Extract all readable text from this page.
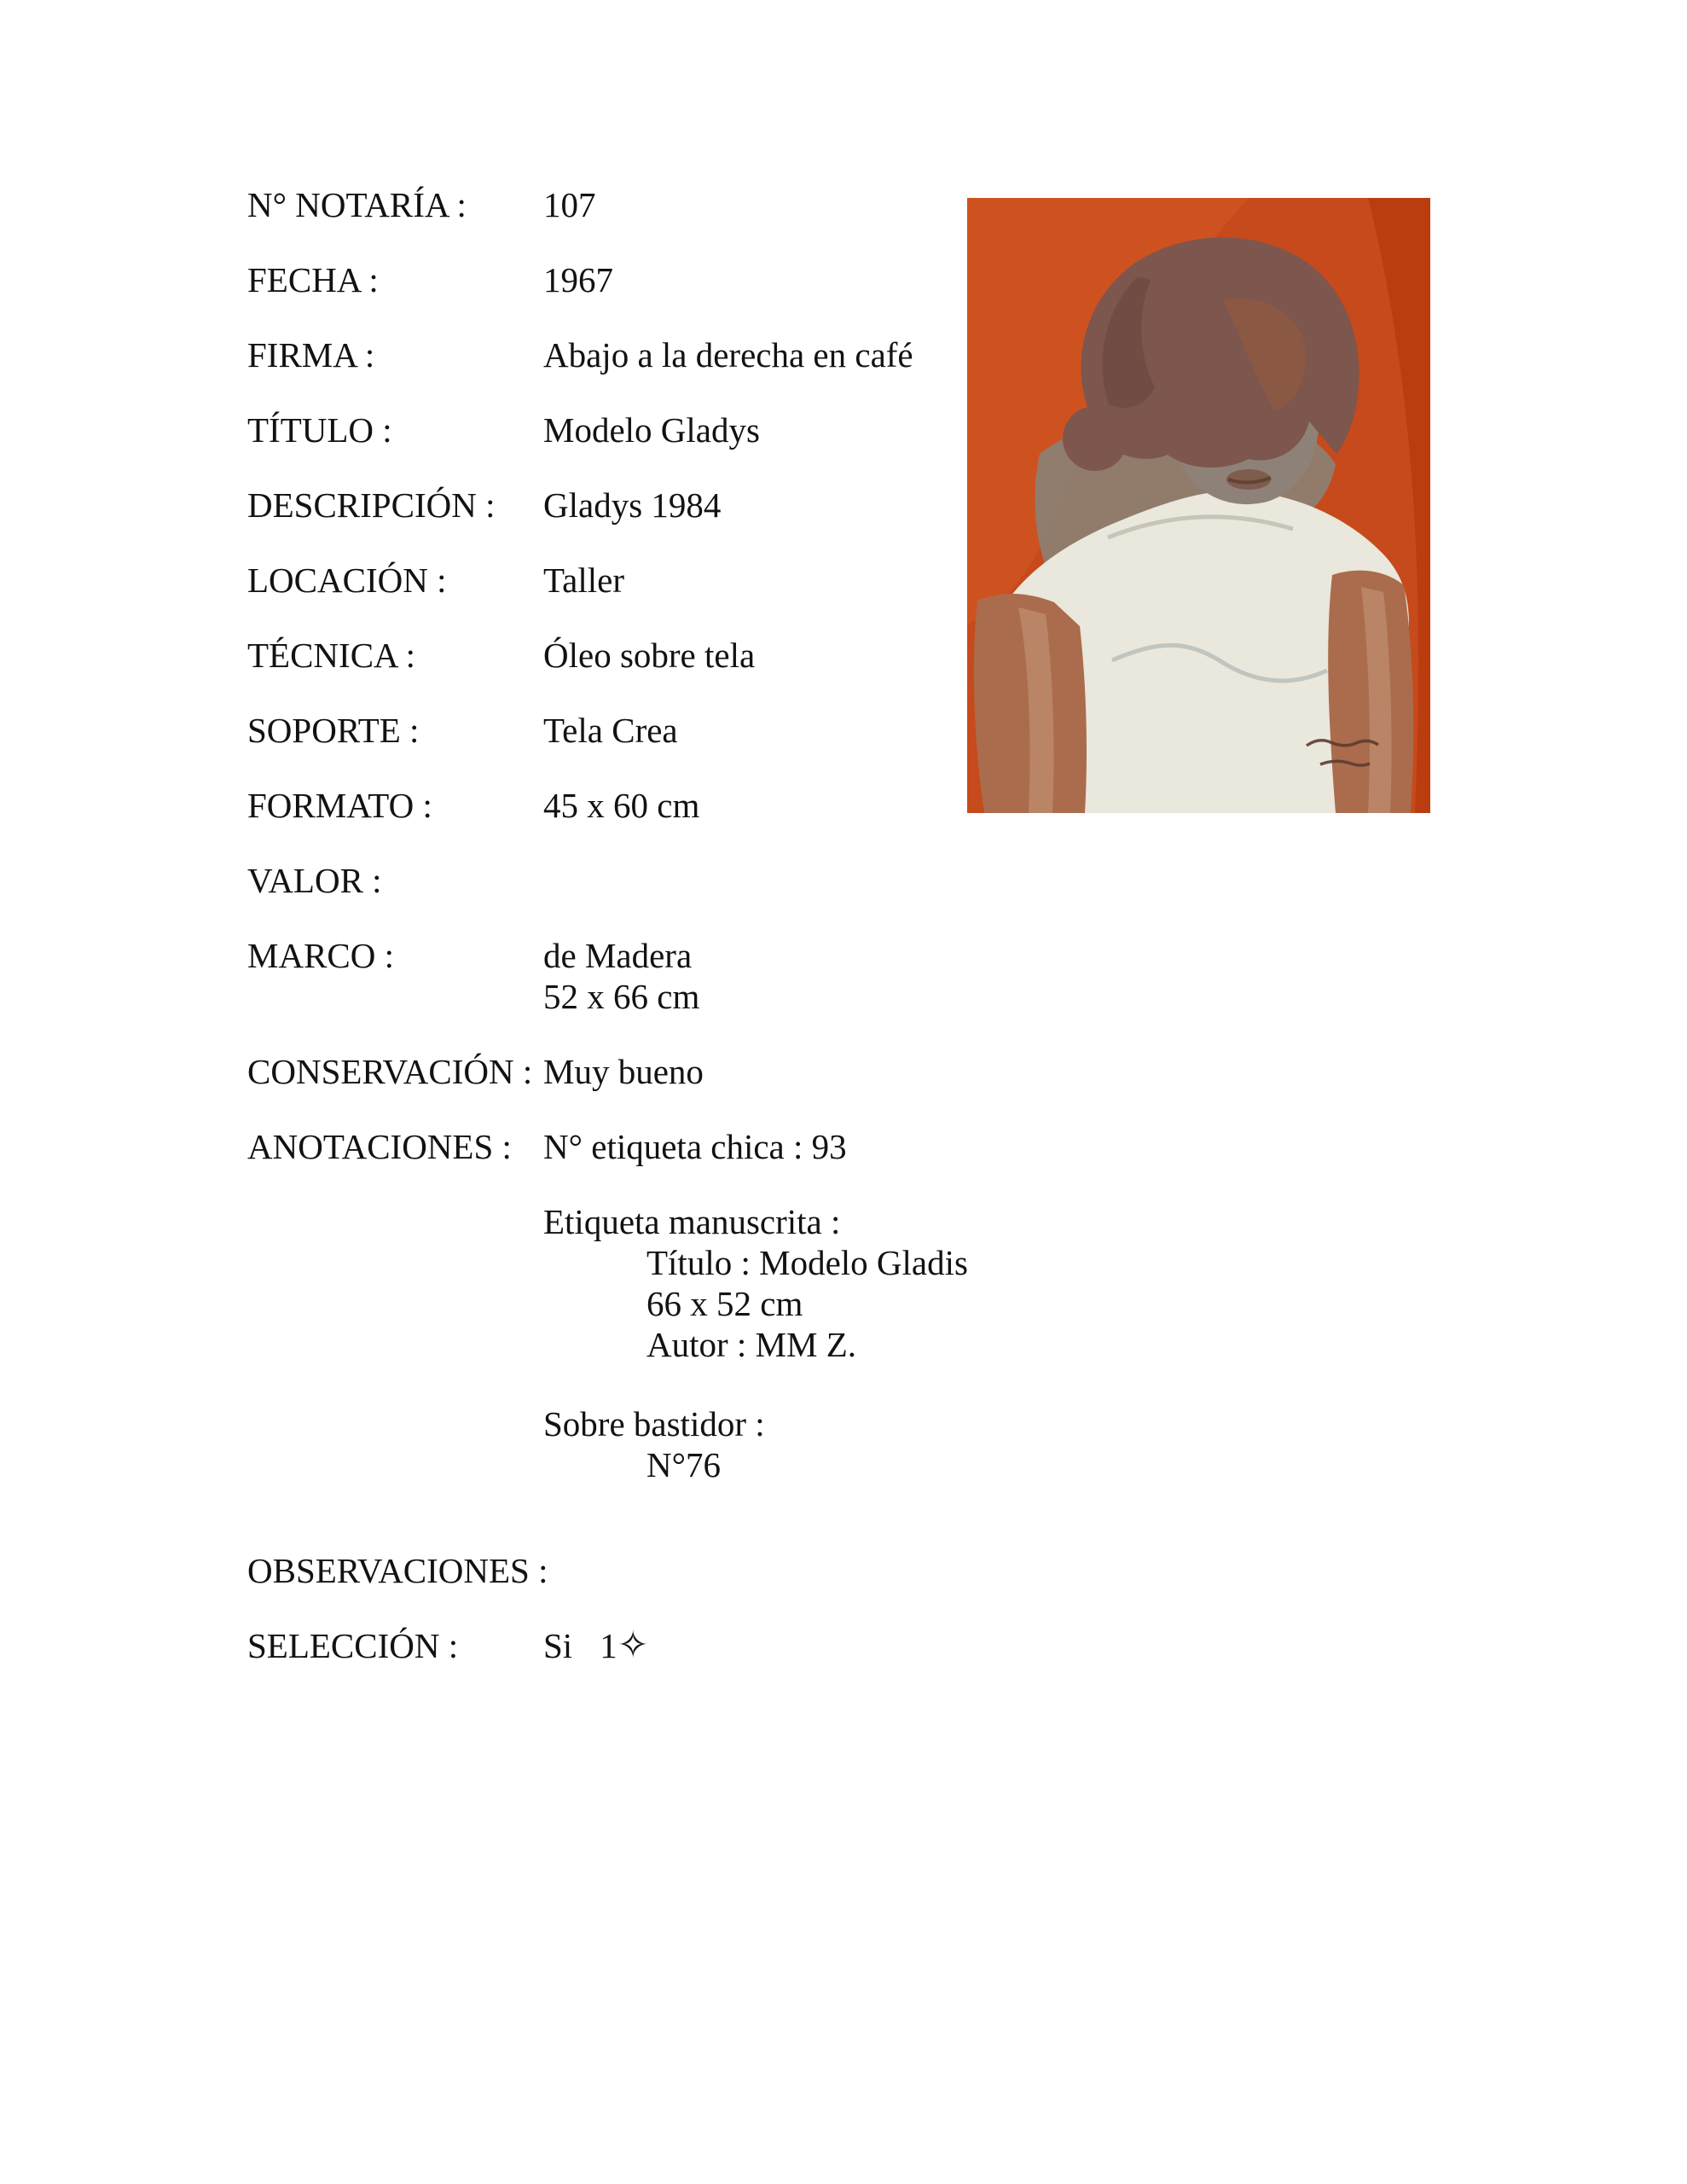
N° NOTARÍA :	107
FECHA :	1967
FIRMA :	Abajo a la derecha en café
TÍTULO :	Modelo Gladys
DESCRIPCIÓN :	Gladys 1984
LOCACIÓN :	Taller
TÉCNICA :	Óleo sobre tela
SOPORTE :	Tela Crea
FORMATO :	45 x 60 cm
VALOR :
MARCO :	de Madera
52 x 66 cm
CONSERVACIÓN : Muy bueno
ANOTACIONES : N° etiqueta chica : 93
Etiqueta manuscrita :
Título : Modelo Gladis
66 x 52 cm
Autor : MM Z.
Sobre bastidor :
N°76
OBSERVACIONES :
SELECCIÓN :	Si 1✧
